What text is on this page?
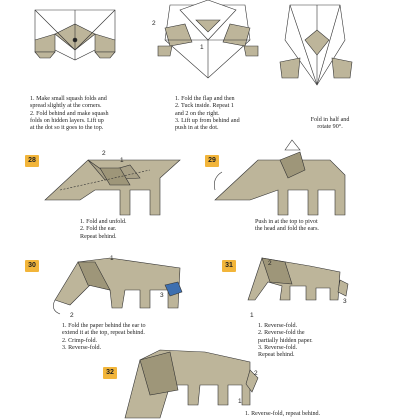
1. Make small squash folds and
spread slightly at the corners.
2. Fold behind and make squash
folds on hidden layers. Lift up
at the dot so it goes to the top.
1. Fold the flap and then
2. Tuck inside. Repeat 1
and 2 on the right.
3. Lift up from behind and
push in at the dot.
Fold in half and
rotate 90°.
2
1
28
1. Fold and unfold.
2. Fold the ear.
Repeat behind.
29
Push in at the top to pivot
the head and fold the ears.
30
1. Fold the paper behind the ear to
extend it at the top, repeat behind.
2. Crimp-fold.
3. Reverse-fold.
31
1. Reverse-fold.
2. Reverse-fold the
partially hidden paper.
3. Reverse-fold.
Repeat behind.
32
1. Reverse-fold, repeat behind.
1
2
1
2
3
1
2
3
1
2
